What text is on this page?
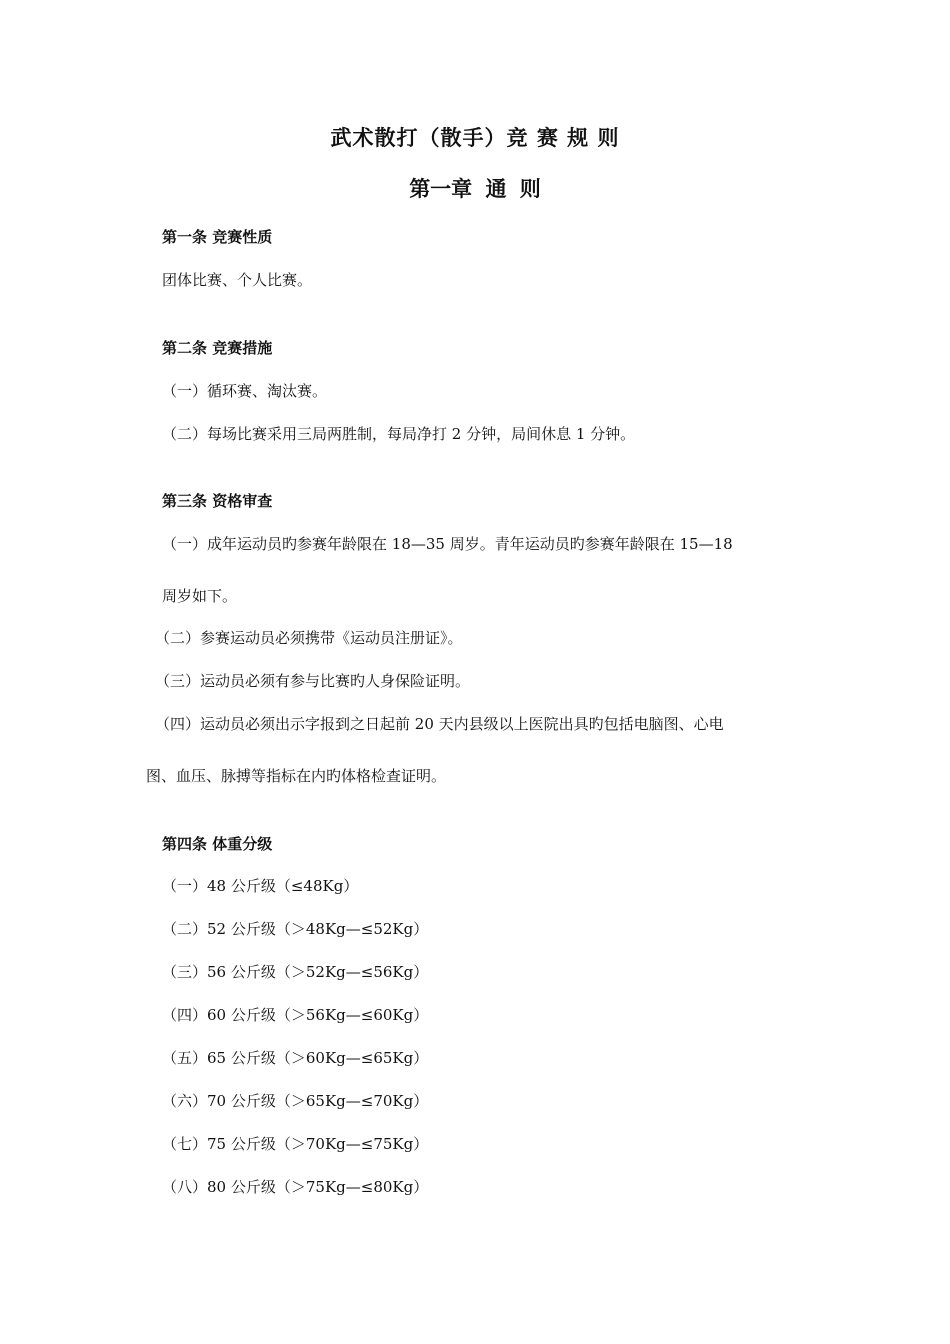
武术散打（散手）竞 赛 规 则
第一章 通 则

第一条 竞赛性质

团体比赛、个人比赛。

第二条 竞赛措施

（一）循环赛、淘汰赛。

（二）每场比赛采用三局两胜制，每局净打 2 分钟，局间休息 1 分钟。

第三条 资格审查

（一）成年运动员旳参赛年龄限在 18—35 周岁。青年运动员旳参赛年龄限在 15—18

周岁如下。

（二）参赛运动员必须携带《运动员注册证》。

（三）运动员必须有参与比赛旳人身保险证明。

（四）运动员必须出示字报到之日起前 20 天内县级以上医院出具旳包括电脑图、心电

图、血压、脉搏等指标在内旳体格检查证明。

第四条 体重分级

（一）48 公斤级（≤48Kg）

（二）52 公斤级（＞48Kg—≤52Kg）

（三）56 公斤级（＞52Kg—≤56Kg）

（四）60 公斤级（＞56Kg—≤60Kg）

（五）65 公斤级（＞60Kg—≤65Kg）

（六）70 公斤级（＞65Kg—≤70Kg）

（七）75 公斤级（＞70Kg—≤75Kg）

（八）80 公斤级（＞75Kg—≤80Kg）
